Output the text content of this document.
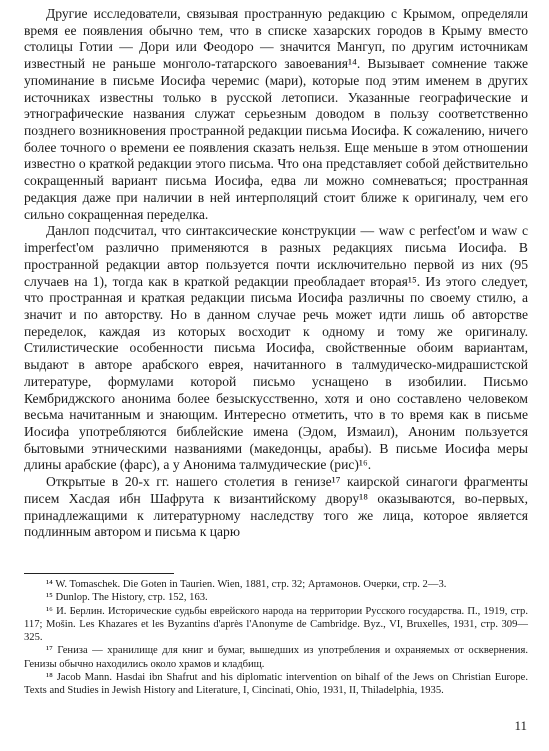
Другие исследователи, связывая пространную редакцию с Крымом, определяли время ее появления обычно тем, что в списке хазарских городов в Крыму вместо столицы Готии — Дори или Феодоро — значится Мангуп, по другим источникам известный не раньше монголо-татарского завоевания¹⁴. Вызывает сомнение также упоминание в письме Иосифа черемис (мари), которые под этим именем в других источниках известны только в русской летописи. Указанные географические и этнографические названия служат серьезным доводом в пользу соответственно позднего возникновения пространной редакции письма Иосифа. К сожалению, ничего более точного о времени ее появления сказать нельзя. Еще меньше в этом отношении известно о краткой редакции этого письма. Что она представляет собой действительно сокращенный вариант письма Иосифа, едва ли можно сомневаться; пространная редакция даже при наличии в ней интерполяций стоит ближе к оригиналу, чем его сильно сокращенная переделка.

Данлоп подсчитал, что синтаксические конструкции — waw с perfect'ом и waw с imperfect'ом различно применяются в разных редакциях письма Иосифа. В пространной редакции автор пользуется почти исключительно первой из них (95 случаев на 1), тогда как в краткой редакции преобладает вторая¹⁵. Из этого следует, что пространная и краткая редакции письма Иосифа различны по своему стилю, а значит и по авторству. Но в данном случае речь может идти лишь об авторстве переделок, каждая из которых восходит к одному и тому же оригиналу. Стилистические особенности письма Иосифа, свойственные обоим вариантам, выдают в авторе арабского еврея, начитанного в талмудическо-мидрашистской литературе, формулами которой письмо уснащено в изобилии. Письмо Кембриджского анонима более безыскусственно, хотя и оно составлено человеком весьма начитанным и знающим. Интересно отметить, что в то время как в письме Иосифа употребляются библейские имена (Эдом, Измаил), Аноним пользуется бытовыми этническими названиями (македонцы, арабы). В письме Иосифа меры длины арабские (фарс), а у Анонима талмудические (рис)¹⁶.

Открытые в 20-х гг. нашего столетия в генизе¹⁷ каирской синагоги фрагменты писем Хасдая ибн Шафрута к византийскому двору¹⁸ оказываются, во-первых, принадлежащими к литературному наследству того же лица, которое является подлинным автором и письма к царю

¹⁴ W. Tomaschek. Die Goten in Taurien. Wien, 1881, стр. 32; Артамонов. Очерки, стр. 2—3.

¹⁵ Dunlop. The History, стр. 152, 163.

¹⁶ И. Берлин. Исторические судьбы еврейского народа на территории Русского государства. П., 1919, стр. 117; Mošin. Les Khazares et les Byzantins d'après l'Anonyme de Cambridge. Byz., VI, Bruxelles, 1931, стр. 309—325.

¹⁷ Гениза — хранилище для книг и бумаг, вышедших из употребления и охраняемых от осквернения. Генизы обычно находились около храмов и кладбищ.

¹⁸ Jacob Mann. Hasdai ibn Shafrut and his diplomatic intervention on bihalf of the Jews on Christian Europe. Texts and Studies in Jewish History and Literature, I, Cincinati, Ohio, 1931, II, Thiladelphia, 1935.

11
